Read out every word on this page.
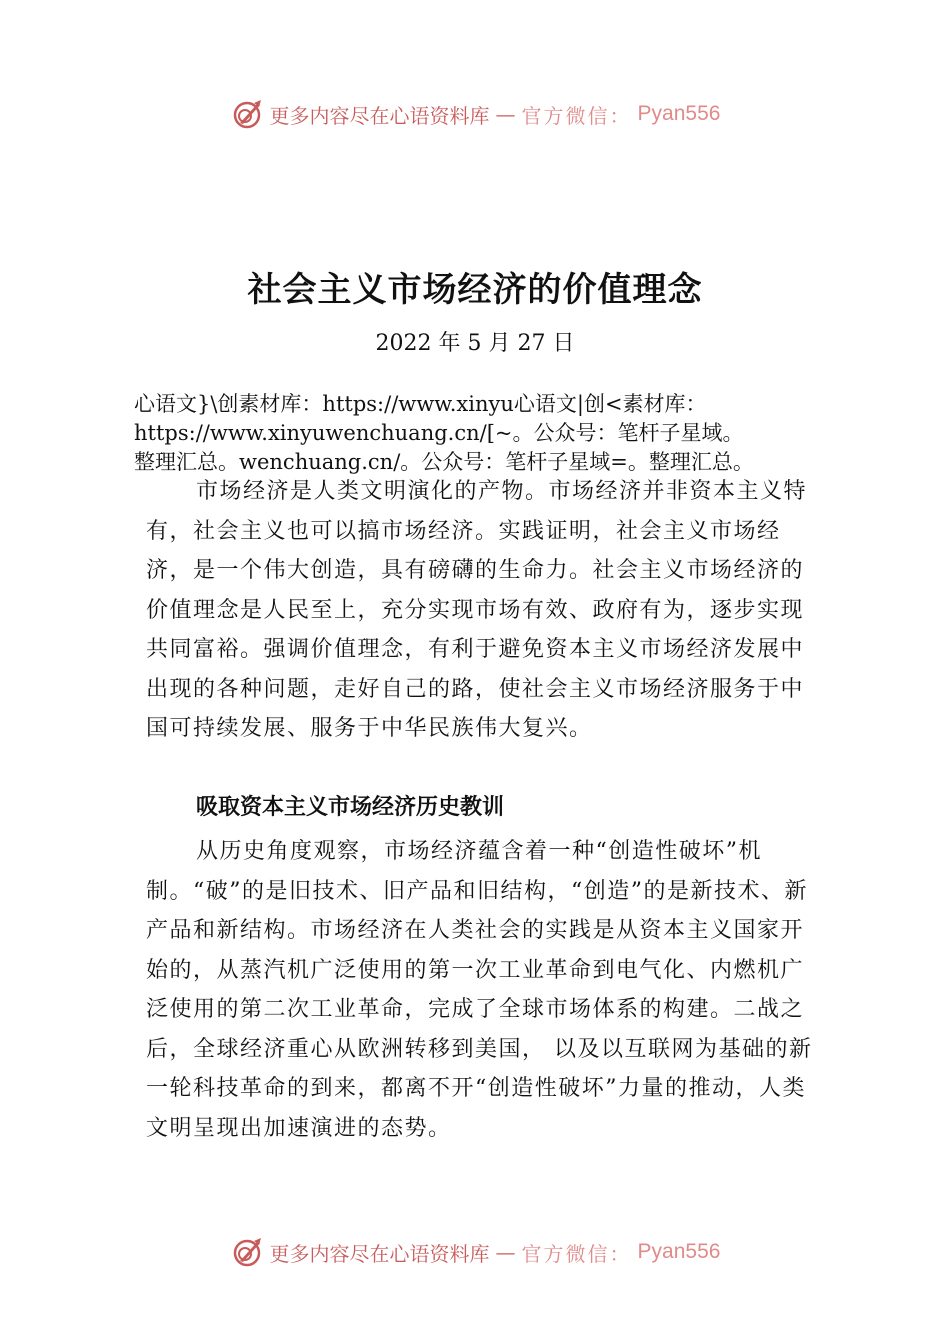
更多内容尽在心语资料库 — 官方微信： Pyan556
社会主义市场经济的价值理念

2022 年 5 月 27 日

心语文}\创素材库：https://www.xinyu心语文|创<素材库：
https://www.xinyuwenchuang.cn/[~。公众号：笔杆子星域。
整理汇总。wenchuang.cn/。公众号：笔杆子星域=。整理汇总。

市场经济是人类文明演化的产物。市场经济并非资本主义特有，社会主义也可以搞市场经济。实践证明，社会主义市场经济，是一个伟大创造，具有磅礴的生命力。社会主义市场经济的价值理念是人民至上，充分实现市场有效、政府有为，逐步实现共同富裕。强调价值理念，有利于避免资本主义市场经济发展中出现的各种问题，走好自己的路，使社会主义市场经济服务于中国可持续发展、服务于中华民族伟大复兴。

吸取资本主义市场经济历史教训

从历史角度观察，市场经济蕴含着一种“创造性破坏”机制。“破”的是旧技术、旧产品和旧结构，“创造”的是新技术、新产品和新结构。市场经济在人类社会的实践是从资本主义国家开始的，从蒸汽机广泛使用的第一次工业革命到电气化、内燃机广泛使用的第二次工业革命，完成了全球市场体系的构建。二战之后，全球经济重心从欧洲转移到美国， 以及以互联网为基础的新一轮科技革命的到来，都离不开“创造性破坏”力量的推动，人类文明呈现出加速演进的态势。

更多内容尽在心语资料库 — 官方微信： Pyan556
